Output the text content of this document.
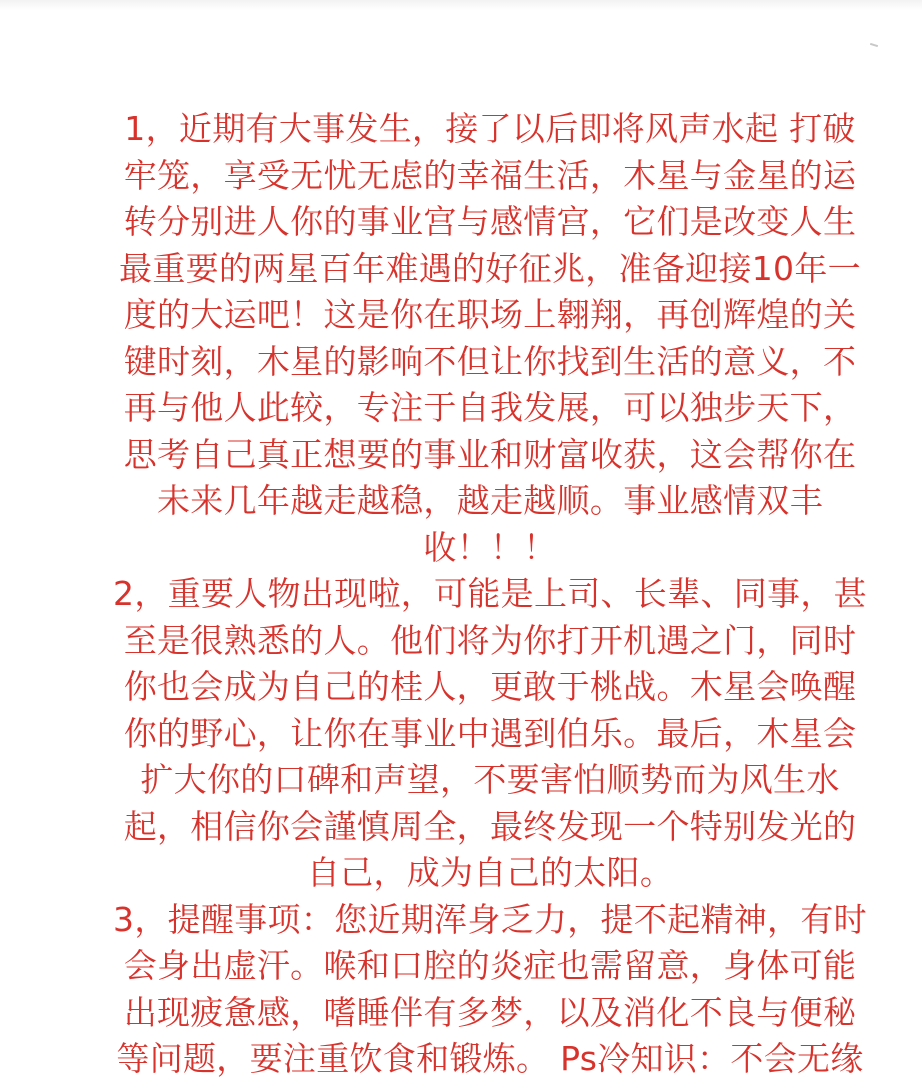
1，近期有大事发生，接了以后即将风声水起 打破
牢笼，享受无忧无虑的幸福生活，木星与金星的运
转分别进人你的事业宫与感情宫，它们是改变人生
最重要的两星百年难遇的好征兆，准备迎接10年一
度的大运吧！这是你在职场上翱翔，再创辉煌的关
键时刻，木星的影响不但让你找到生活的意义，不
再与他人此较，专注于自我发展，可以独步天下，
思考自己真正想要的事业和财富收获，这会帮你在
未来几年越走越稳，越走越顺。事业感情双丰
收！！！
2，重要人物出现啦，可能是上司、长辈、同事，甚
至是很熟悉的人。他们将为你打开机遇之门，同时
你也会成为自己的桂人，更敢于桃战。木星会唤醒
你的野心，让你在事业中遇到伯乐。最后，木星会
扩大你的口碑和声望，不要害怕顺势而为风生水
起，相信你会謹慎周全，最终发现一个特别发光的
自己，成为自己的太阳。
3，提醒事项：您近期浑身乏力，提不起精神，有时
会身出虚汗。喉和口腔的炎症也需留意，身体可能
出现疲惫感，嗜睡伴有多梦，以及消化不良与便秘
等问题，要注重饮食和锻炼。 Ps冷知识：不会无缘
